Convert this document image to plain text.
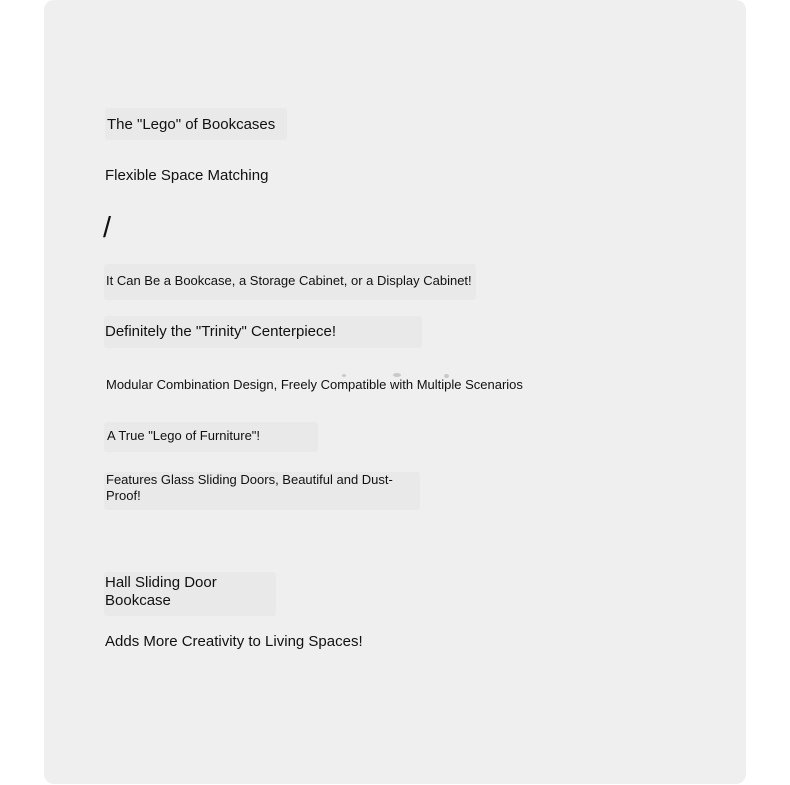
The "Lego" of Bookcases

Flexible Space Matching

/

It Can Be a Bookcase, a Storage Cabinet, or a Display Cabinet!

Definitely the "Trinity" Centerpiece!

Modular Combination Design, Freely Compatible with Multiple Scenarios

A True "Lego of Furniture"!

Features Glass Sliding Doors, Beautiful and Dust-Proof!

Hall Sliding Door Bookcase

Adds More Creativity to Living Spaces!
